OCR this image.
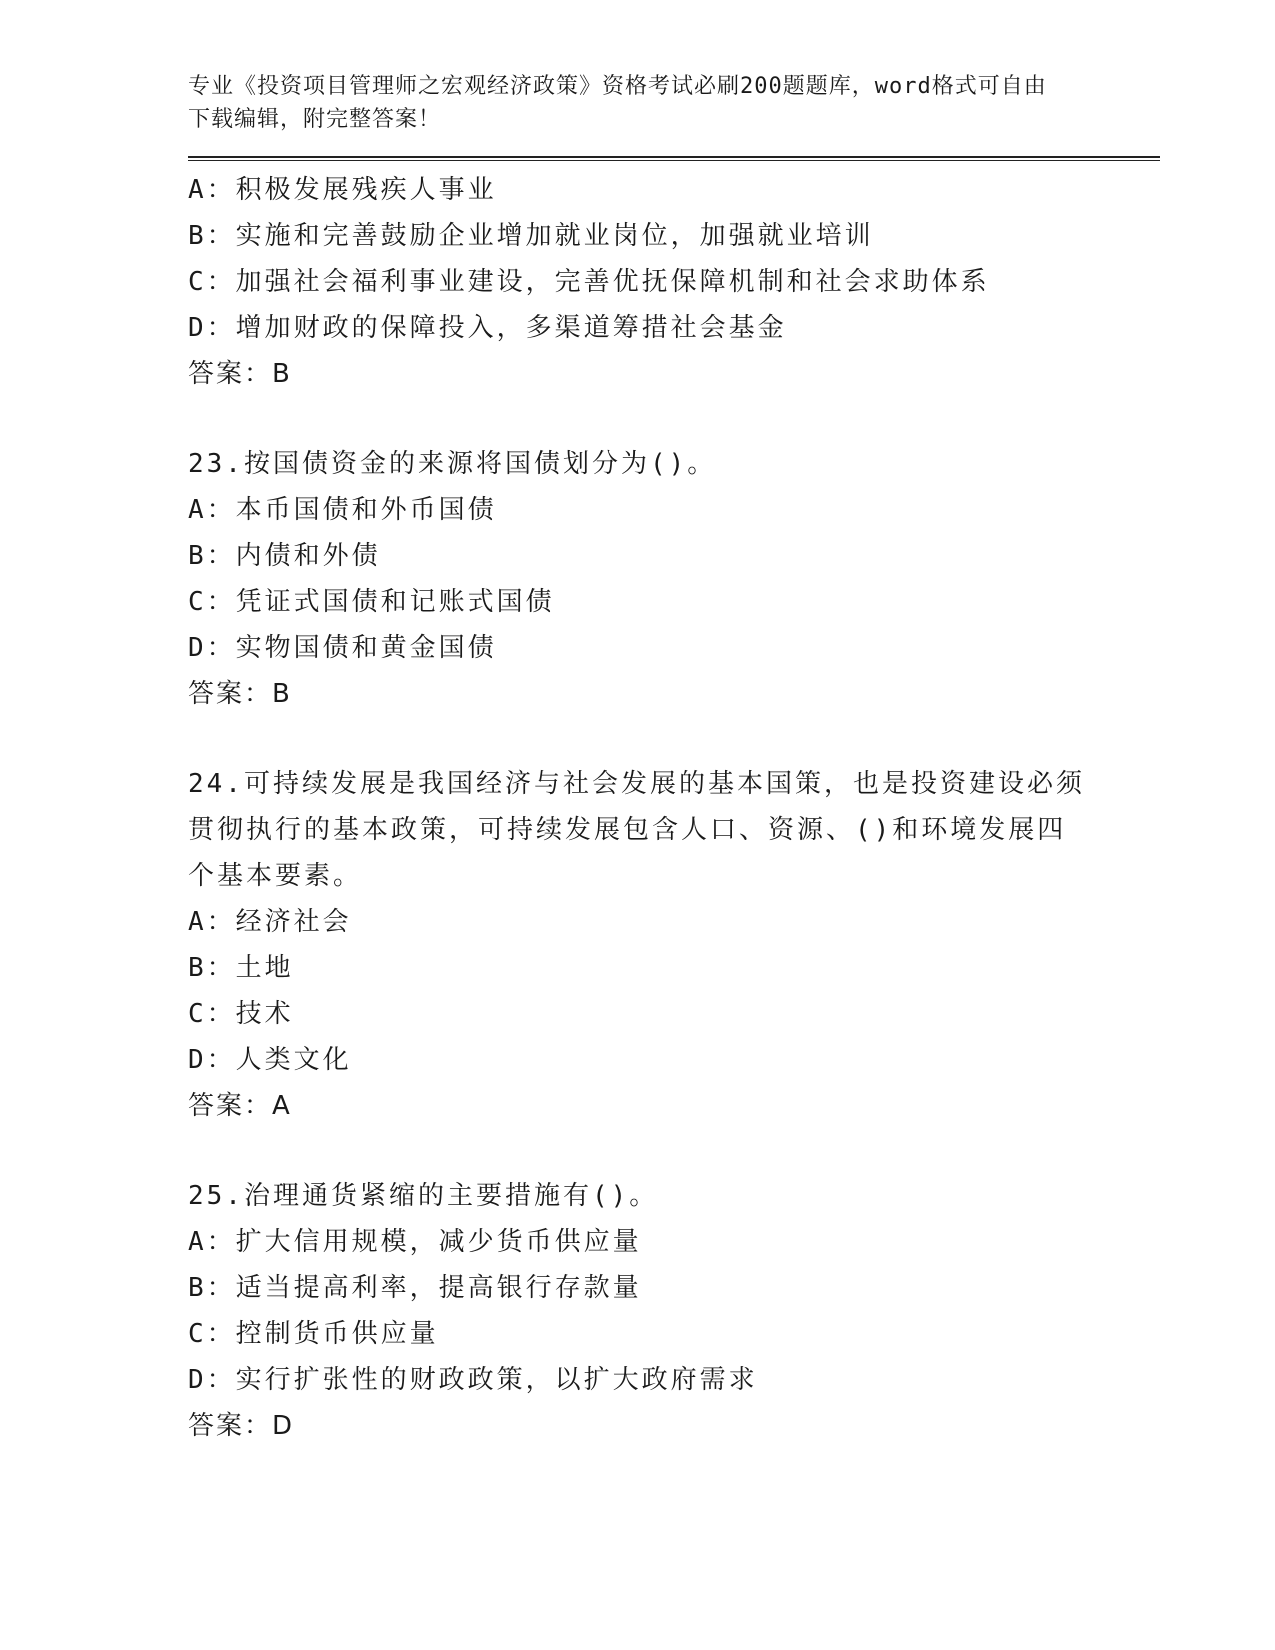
专业《投资项目管理师之宏观经济政策》资格考试必刷200题题库，word格式可自由下载编辑，附完整答案！
A：积极发展残疾人事业
B：实施和完善鼓励企业增加就业岗位，加强就业培训
C：加强社会福利事业建设，完善优抚保障机制和社会求助体系
D：增加财政的保障投入，多渠道筹措社会基金
答案：B
23.按国债资金的来源将国债划分为()。
A：本币国债和外币国债
B：内债和外债
C：凭证式国债和记账式国债
D：实物国债和黄金国债
答案：B
24.可持续发展是我国经济与社会发展的基本国策，也是投资建设必须贯彻执行的基本政策，可持续发展包含人口、资源、()和环境发展四个基本要素。
A：经济社会
B：土地
C：技术
D：人类文化
答案：A
25.治理通货紧缩的主要措施有()。
A：扩大信用规模，减少货币供应量
B：适当提高利率，提高银行存款量
C：控制货币供应量
D：实行扩张性的财政政策，以扩大政府需求
答案：D
